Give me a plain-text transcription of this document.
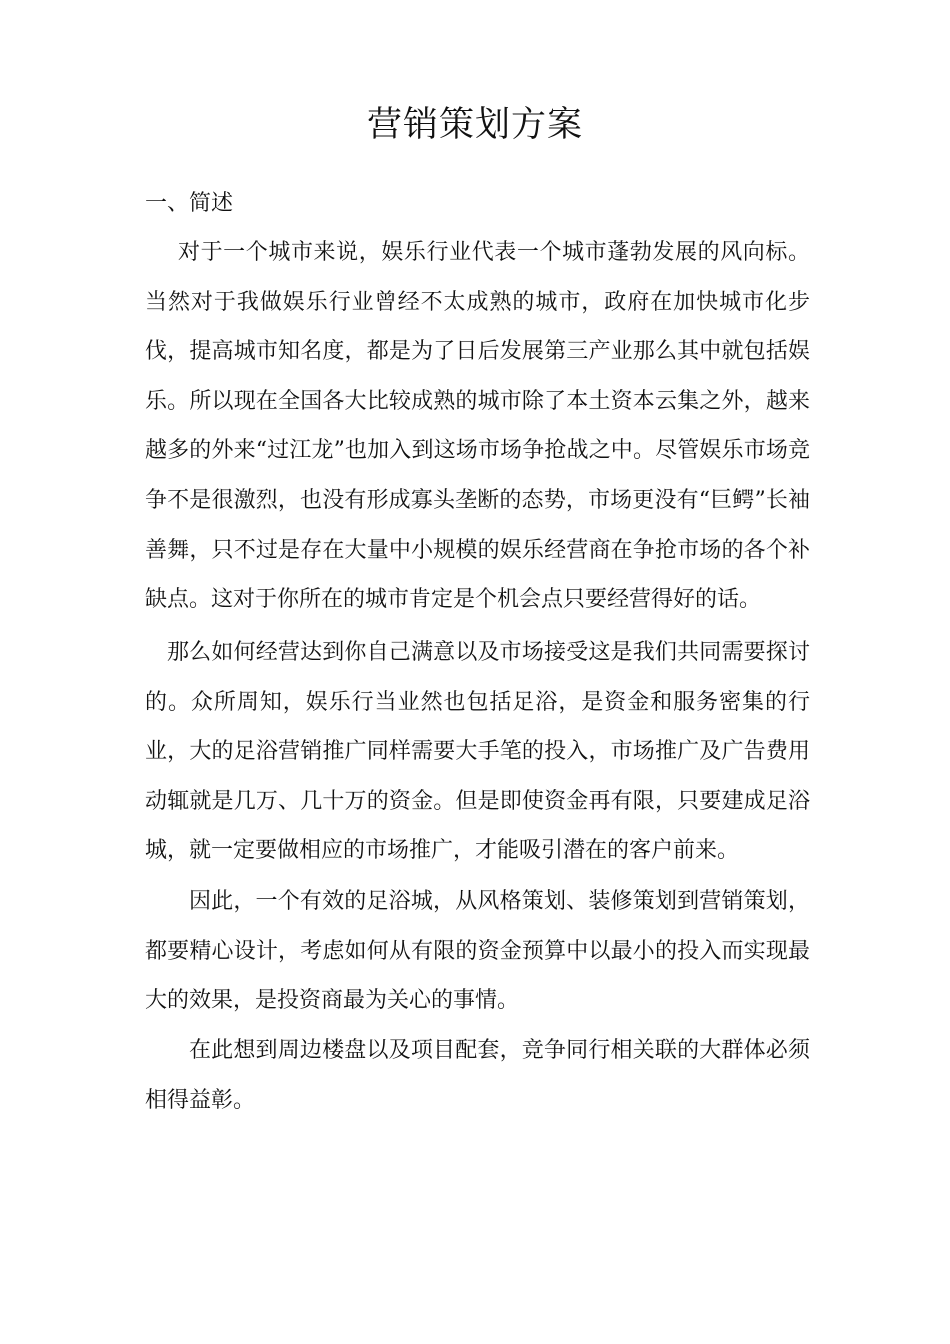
营销策划方案
一、简述

对于一个城市来说，娱乐行业代表一个城市蓬勃发展的风向标。当然对于我做娱乐行业曾经不太成熟的城市，政府在加快城市化步伐，提高城市知名度，都是为了日后发展第三产业那么其中就包括娱乐。所以现在全国各大比较成熟的城市除了本土资本云集之外，越来越多的外来“过江龙”也加入到这场市场争抢战之中。尽管娱乐市场竞争不是很激烈，也没有形成寡头垄断的态势，市场更没有“巨鳄”长袖善舞，只不过是存在大量中小规模的娱乐经营商在争抢市场的各个补缺点。这对于你所在的城市肯定是个机会点只要经营得好的话。

那么如何经营达到你自己满意以及市场接受这是我们共同需要探讨的。众所周知，娱乐行当业然也包括足浴，是资金和服务密集的行业，大的足浴营销推广同样需要大手笔的投入，市场推广及广告费用动辄就是几万、几十万的资金。但是即使资金再有限，只要建成足浴城，就一定要做相应的市场推广，才能吸引潜在的客户前来。

因此，一个有效的足浴城，从风格策划、装修策划到营销策划，都要精心设计，考虑如何从有限的资金预算中以最小的投入而实现最大的效果，是投资商最为关心的事情。

在此想到周边楼盘以及项目配套，竞争同行相关联的大群体必须相得益彰。
